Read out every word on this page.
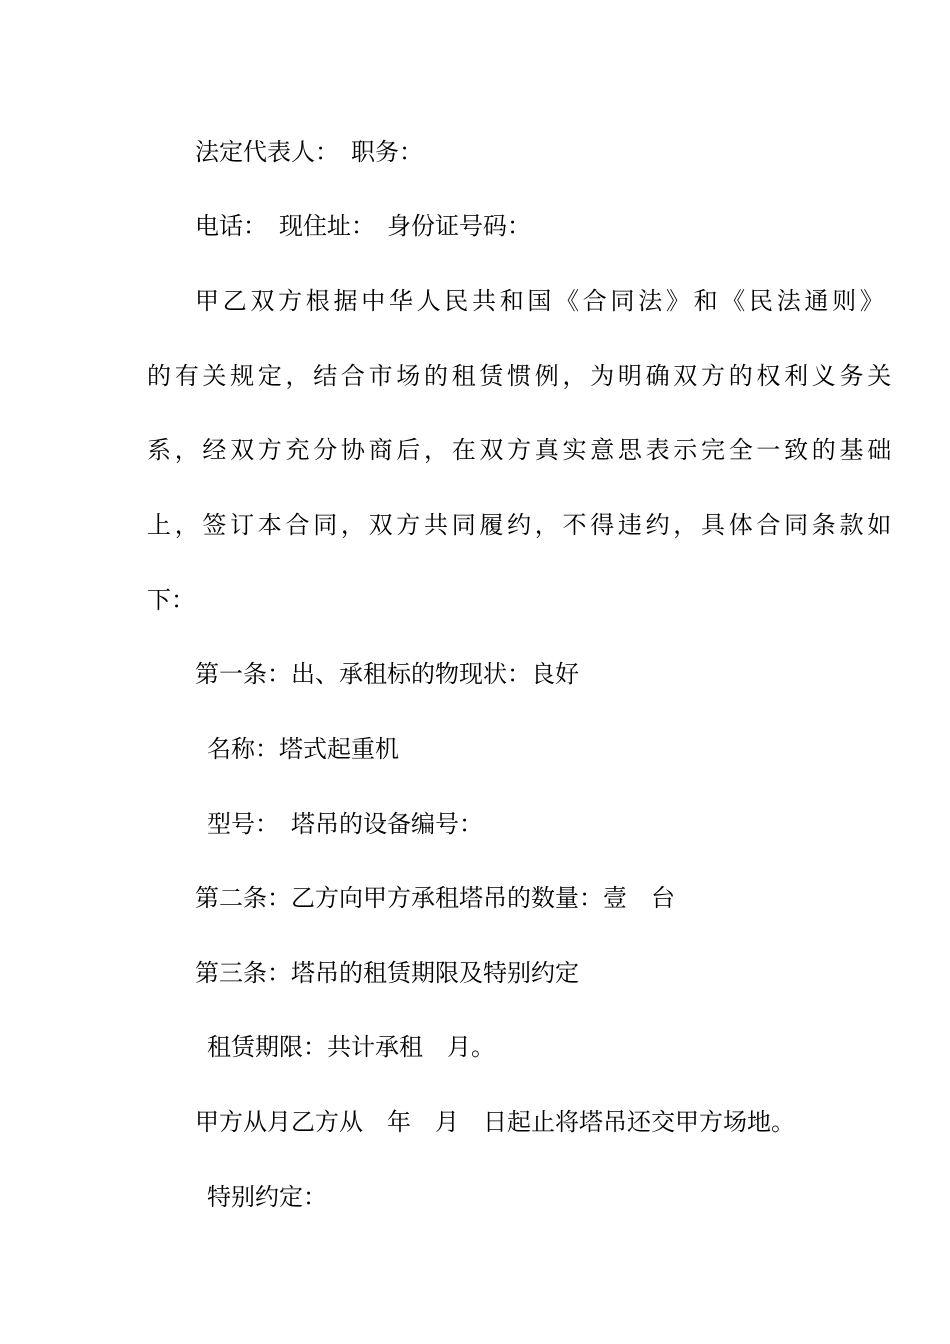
法定代表人：　职务：
电话：　现住址：　身份证号码：
甲乙双方根据中华人民共和国《合同法》和《民法通则》
的有关规定，结合市场的租赁惯例，为明确双方的权利义务关
系，经双方充分协商后，在双方真实意思表示完全一致的基础
上，签订本合同，双方共同履约，不得违约，具体合同条款如
下：
第一条：出、承租标的物现状：良好
名称：塔式起重机
型号：　塔吊的设备编号：
第二条：乙方向甲方承租塔吊的数量：壹　台
第三条：塔吊的租赁期限及特别约定
租赁期限：共计承租　月。
甲方从月乙方从　年　月　日起止将塔吊还交甲方场地。
特别约定：
